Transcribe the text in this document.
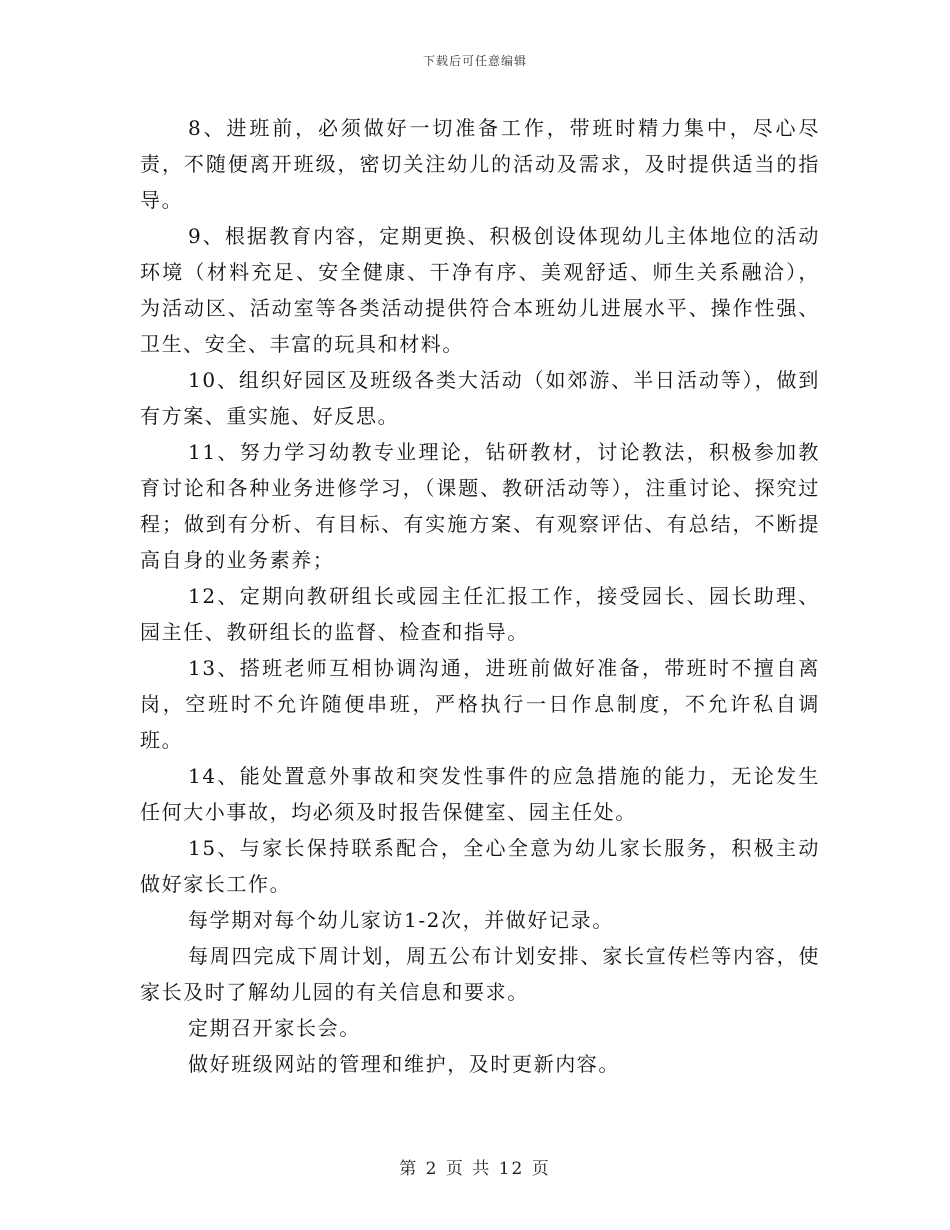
下载后可任意编辑

8、进班前，必须做好一切准备工作，带班时精力集中，尽心尽责，不随便离开班级，密切关注幼儿的活动及需求，及时提供适当的指导。

9、根据教育内容，定期更换、积极创设体现幼儿主体地位的活动环境（材料充足、安全健康、干净有序、美观舒适、师生关系融洽），为活动区、活动室等各类活动提供符合本班幼儿进展水平、操作性强、卫生、安全、丰富的玩具和材料。

10、组织好园区及班级各类大活动（如郊游、半日活动等），做到有方案、重实施、好反思。

11、努力学习幼教专业理论，钻研教材，讨论教法，积极参加教育讨论和各种业务进修学习，（课题、教研活动等），注重讨论、探究过程；做到有分析、有目标、有实施方案、有观察评估、有总结，不断提高自身的业务素养；

12、定期向教研组长或园主任汇报工作，接受园长、园长助理、园主任、教研组长的监督、检查和指导。

13、搭班老师互相协调沟通，进班前做好准备，带班时不擅自离岗，空班时不允许随便串班，严格执行一日作息制度，不允许私自调班。

14、能处置意外事故和突发性事件的应急措施的能力，无论发生任何大小事故，均必须及时报告保健室、园主任处。

15、与家长保持联系配合，全心全意为幼儿家长服务，积极主动做好家长工作。

每学期对每个幼儿家访1-2次，并做好记录。

每周四完成下周计划，周五公布计划安排、家长宣传栏等内容，使家长及时了解幼儿园的有关信息和要求。

定期召开家长会。

做好班级网站的管理和维护，及时更新内容。

第 2 页 共 12 页
